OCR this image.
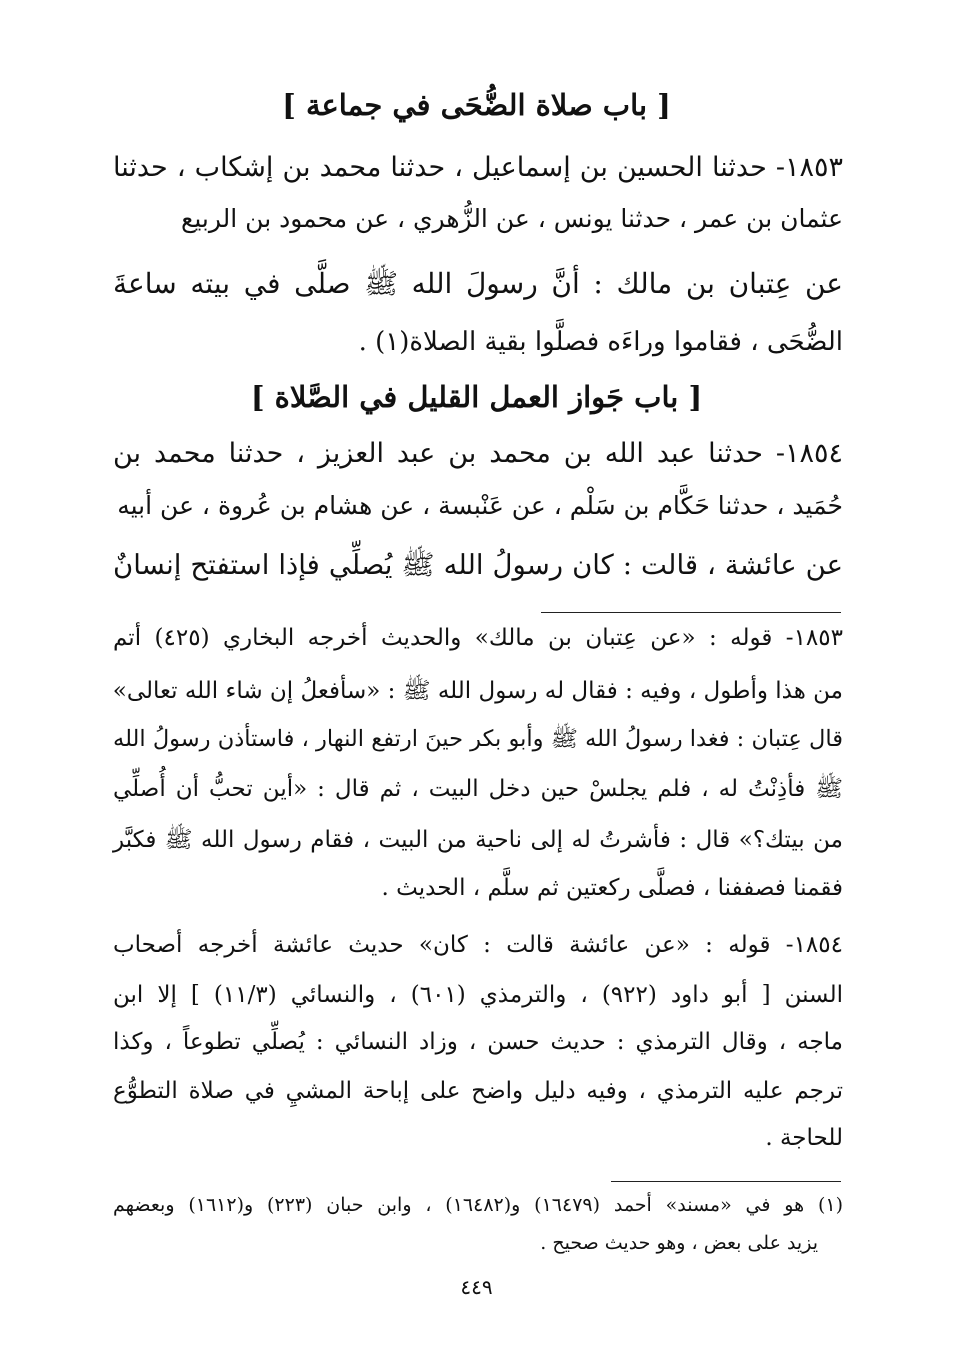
[ باب صلاة الضُّحَى في جماعة ]
١٨٥٣- حدثنا الحسين بن إسماعيل ، حدثنا محمد بن إشكاب ، حدثنا
عثمان بن عمر ، حدثنا يونس ، عن الزُّهري ، عن محمود بن الربيع
عن عِتبان بن مالك : أنَّ رسولَ الله ﷺ صلَّى في بيته ساعةَ
الضُّحَى ، فقاموا وراءَه فصلَّوا بقية الصلاة(١) .
[ باب جَواز العمل القليل في الصَّلاة ]
١٨٥٤- حدثنا عبد الله بن محمد بن عبد العزيز ، حدثنا محمد بن
حُمَيد ، حدثنا حَكَّام بن سَلْم ، عن عَنْبسة ، عن هشام بن عُروة ، عن أبيه
عن عائشة ، قالت : كان رسولُ الله ﷺ يُصلِّي فإذا استفتح إنسانٌ
١٨٥٣- قوله : «عن عِتبان بن مالك» والحديث أخرجه البخاري (٤٢٥) أتم
من هذا وأطول ، وفيه : فقال له رسول الله ﷺ : «سأفعلُ إن شاء الله تعالى»
قال عِتبان : فغدا رسولُ الله ﷺ وأبو بكر حينَ ارتفع النهار ، فاستأذن رسولُ الله
ﷺ فأذِنْتُ له ، فلم يجلسْ حين دخل البيت ، ثم قال : «أين تحبُّ أن أُصلِّي
من بيتك؟» قال : فأشرتُ له إلى ناحية من البيت ، فقام رسول الله ﷺ فكبَّر
فقمنا فصففنا ، فصلَّى ركعتين ثم سلَّم ، الحديث .
١٨٥٤- قوله : «عن عائشة قالت : كان» حديث عائشة أخرجه أصحاب
السنن [ أبو داود (٩٢٢) ، والترمذي (٦٠١) ، والنسائي (١١/٣) ] إلا ابن
ماجه ، وقال الترمذي : حديث حسن ، وزاد النسائي : يُصلِّي تطوعاً ، وكذا
ترجم عليه الترمذي ، وفيه دليل واضح على إباحة المشيِ في صلاة التطوُّع
للحاجة .
(١) هو في «مسند» أحمد (١٦٤٧٩) و(١٦٤٨٢) ، وابن حبان (٢٢٣) و(١٦١٢) وبعضهم
يزيد على بعض ، وهو حديث صحيح .
٤٤٩
